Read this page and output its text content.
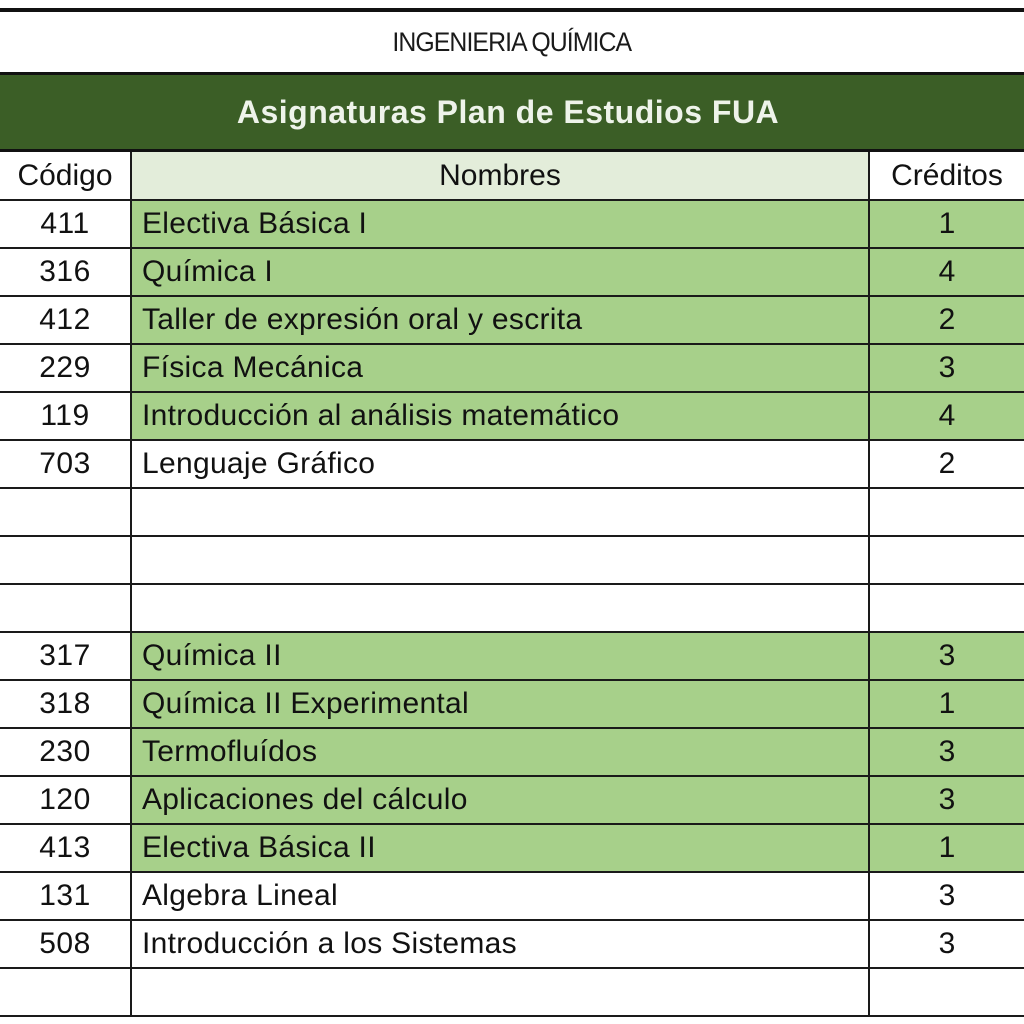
INGENIERIA QUÍMICA
Asignaturas Plan de Estudios FUA
Código	Nombres	Créditos
411	Electiva Básica I	1
316	Química I	4
412	Taller de expresión oral y escrita	2
229	Física Mecánica	3
119	Introducción al análisis matemático	4
703	Lenguaje Gráfico	2

317	Química II	3
318	Química II Experimental	1
230	Termofluídos	3
120	Aplicaciones del cálculo	3
413	Electiva Básica II	1
131	Algebra Lineal	3
508	Introducción a los Sistemas	3
